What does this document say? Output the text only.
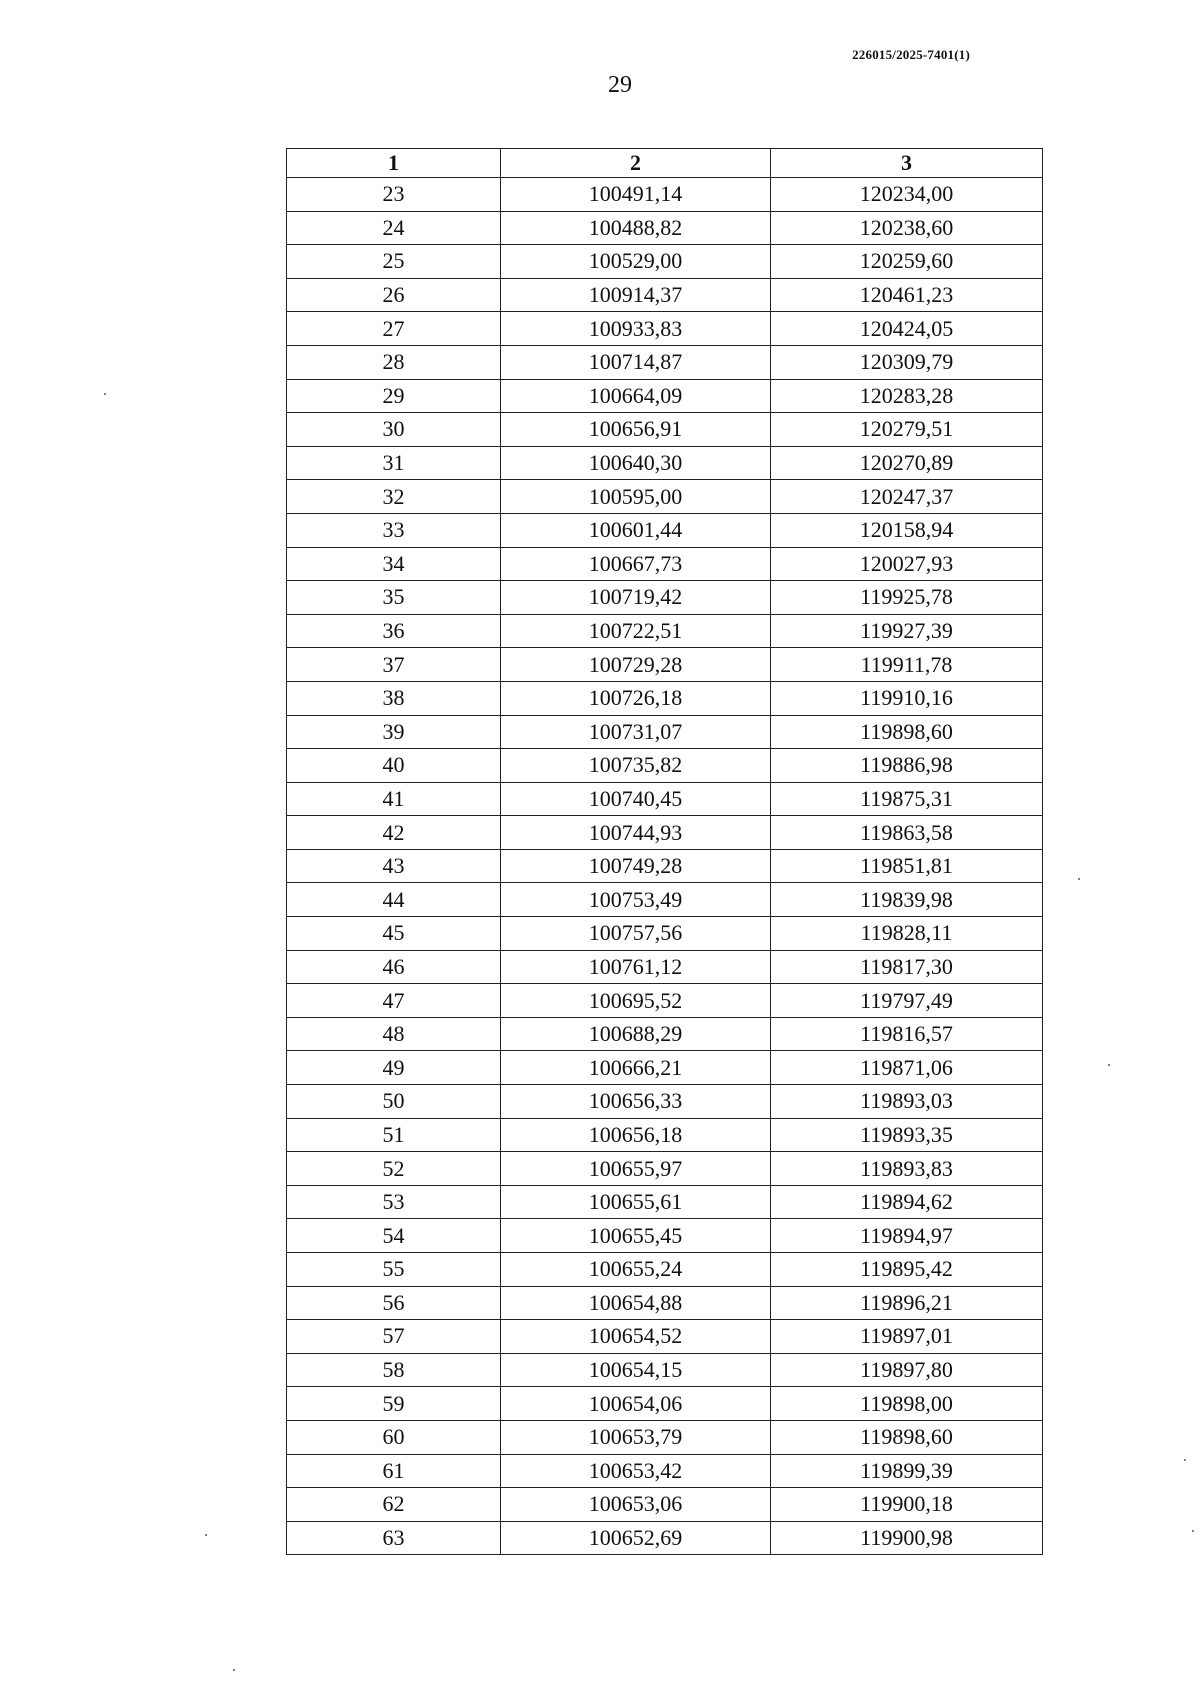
226015/2025-7401(1)
29
1	2	3
23	100491,14	120234,00
24	100488,82	120238,60
25	100529,00	120259,60
26	100914,37	120461,23
27	100933,83	120424,05
28	100714,87	120309,79
29	100664,09	120283,28
30	100656,91	120279,51
31	100640,30	120270,89
32	100595,00	120247,37
33	100601,44	120158,94
34	100667,73	120027,93
35	100719,42	119925,78
36	100722,51	119927,39
37	100729,28	119911,78
38	100726,18	119910,16
39	100731,07	119898,60
40	100735,82	119886,98
41	100740,45	119875,31
42	100744,93	119863,58
43	100749,28	119851,81
44	100753,49	119839,98
45	100757,56	119828,11
46	100761,12	119817,30
47	100695,52	119797,49
48	100688,29	119816,57
49	100666,21	119871,06
50	100656,33	119893,03
51	100656,18	119893,35
52	100655,97	119893,83
53	100655,61	119894,62
54	100655,45	119894,97
55	100655,24	119895,42
56	100654,88	119896,21
57	100654,52	119897,01
58	100654,15	119897,80
59	100654,06	119898,00
60	100653,79	119898,60
61	100653,42	119899,39
62	100653,06	119900,18
63	100652,69	119900,98
